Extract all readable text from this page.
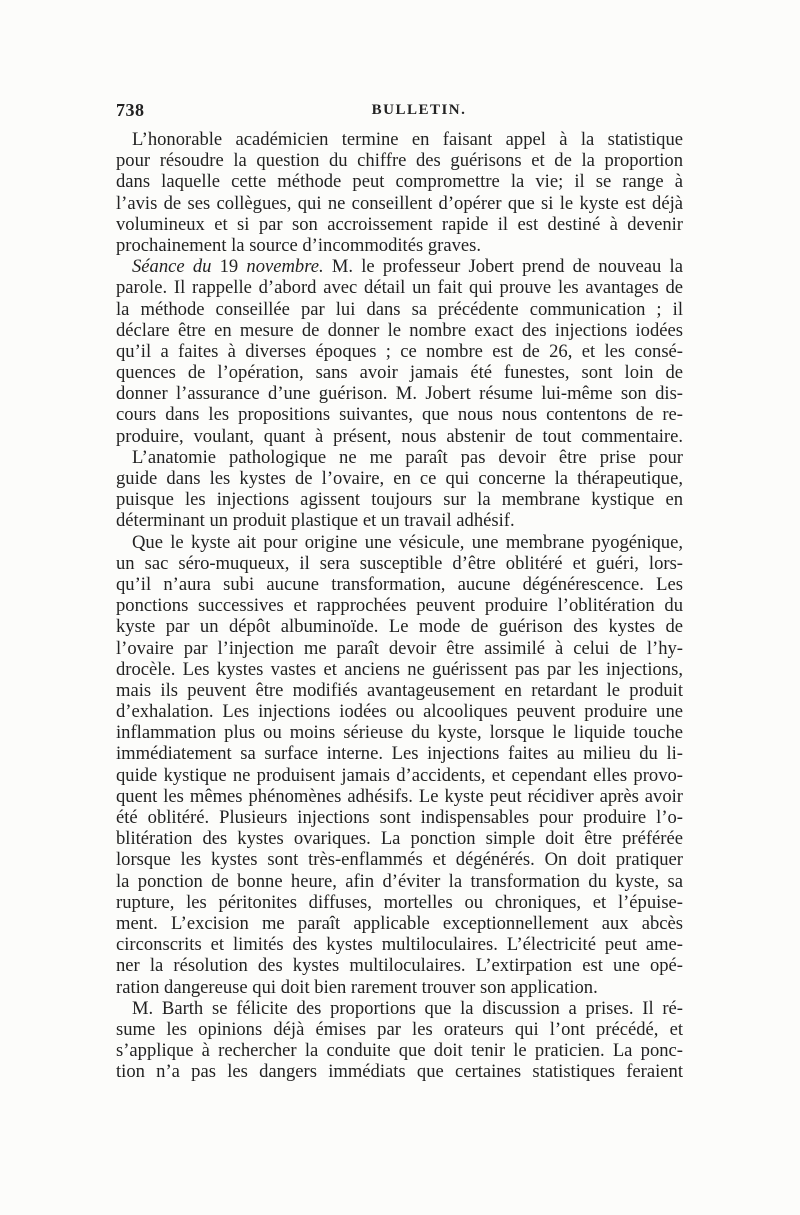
738	BULLETIN.
L’honorable académicien termine en faisant appel à la statistique
pour résoudre la question du chiffre des guérisons et de la proportion
dans laquelle cette méthode peut compromettre la vie; il se range à
l’avis de ses collègues, qui ne conseillent d’opérer que si le kyste est déjà
volumineux et si par son accroissement rapide il est destiné à devenir
prochainement la source d’incommodités graves.
Séance du 19 novembre. M. le professeur Jobert prend de nouveau la
parole. Il rappelle d’abord avec détail un fait qui prouve les avantages de
la méthode conseillée par lui dans sa précédente communication ; il
déclare être en mesure de donner le nombre exact des injections iodées
qu’il a faites à diverses époques ; ce nombre est de 26, et les consé-
quences de l’opération, sans avoir jamais été funestes, sont loin de
donner l’assurance d’une guérison. M. Jobert résume lui-même son dis-
cours dans les propositions suivantes, que nous nous contentons de re-
produire, voulant, quant à présent, nous abstenir de tout commentaire.
L’anatomie pathologique ne me paraît pas devoir être prise pour
guide dans les kystes de l’ovaire, en ce qui concerne la thérapeutique,
puisque les injections agissent toujours sur la membrane kystique en
déterminant un produit plastique et un travail adhésif.
Que le kyste ait pour origine une vésicule, une membrane pyogénique,
un sac séro-muqueux, il sera susceptible d’être oblitéré et guéri, lors-
qu’il n’aura subi aucune transformation, aucune dégénérescence. Les
ponctions successives et rapprochées peuvent produire l’oblitération du
kyste par un dépôt albuminoïde. Le mode de guérison des kystes de
l’ovaire par l’injection me paraît devoir être assimilé à celui de l’hy-
drocèle. Les kystes vastes et anciens ne guérissent pas par les injections,
mais ils peuvent être modifiés avantageusement en retardant le produit
d’exhalation. Les injections iodées ou alcooliques peuvent produire une
inflammation plus ou moins sérieuse du kyste, lorsque le liquide touche
immédiatement sa surface interne. Les injections faites au milieu du li-
quide kystique ne produisent jamais d’accidents, et cependant elles provo-
quent les mêmes phénomènes adhésifs. Le kyste peut récidiver après avoir
été oblitéré. Plusieurs injections sont indispensables pour produire l’o-
blitération des kystes ovariques. La ponction simple doit être préférée
lorsque les kystes sont très-enflammés et dégénérés. On doit pratiquer
la ponction de bonne heure, afin d’éviter la transformation du kyste, sa
rupture, les péritonites diffuses, mortelles ou chroniques, et l’épuise-
ment. L’excision me paraît applicable exceptionnellement aux abcès
circonscrits et limités des kystes multiloculaires. L’électricité peut ame-
ner la résolution des kystes multiloculaires. L’extirpation est une opé-
ration dangereuse qui doit bien rarement trouver son application.
M. Barth se félicite des proportions que la discussion a prises. Il ré-
sume les opinions déjà émises par les orateurs qui l’ont précédé, et
s’applique à rechercher la conduite que doit tenir le praticien. La ponc-
tion n’a pas les dangers immédiats que certaines statistiques feraient
